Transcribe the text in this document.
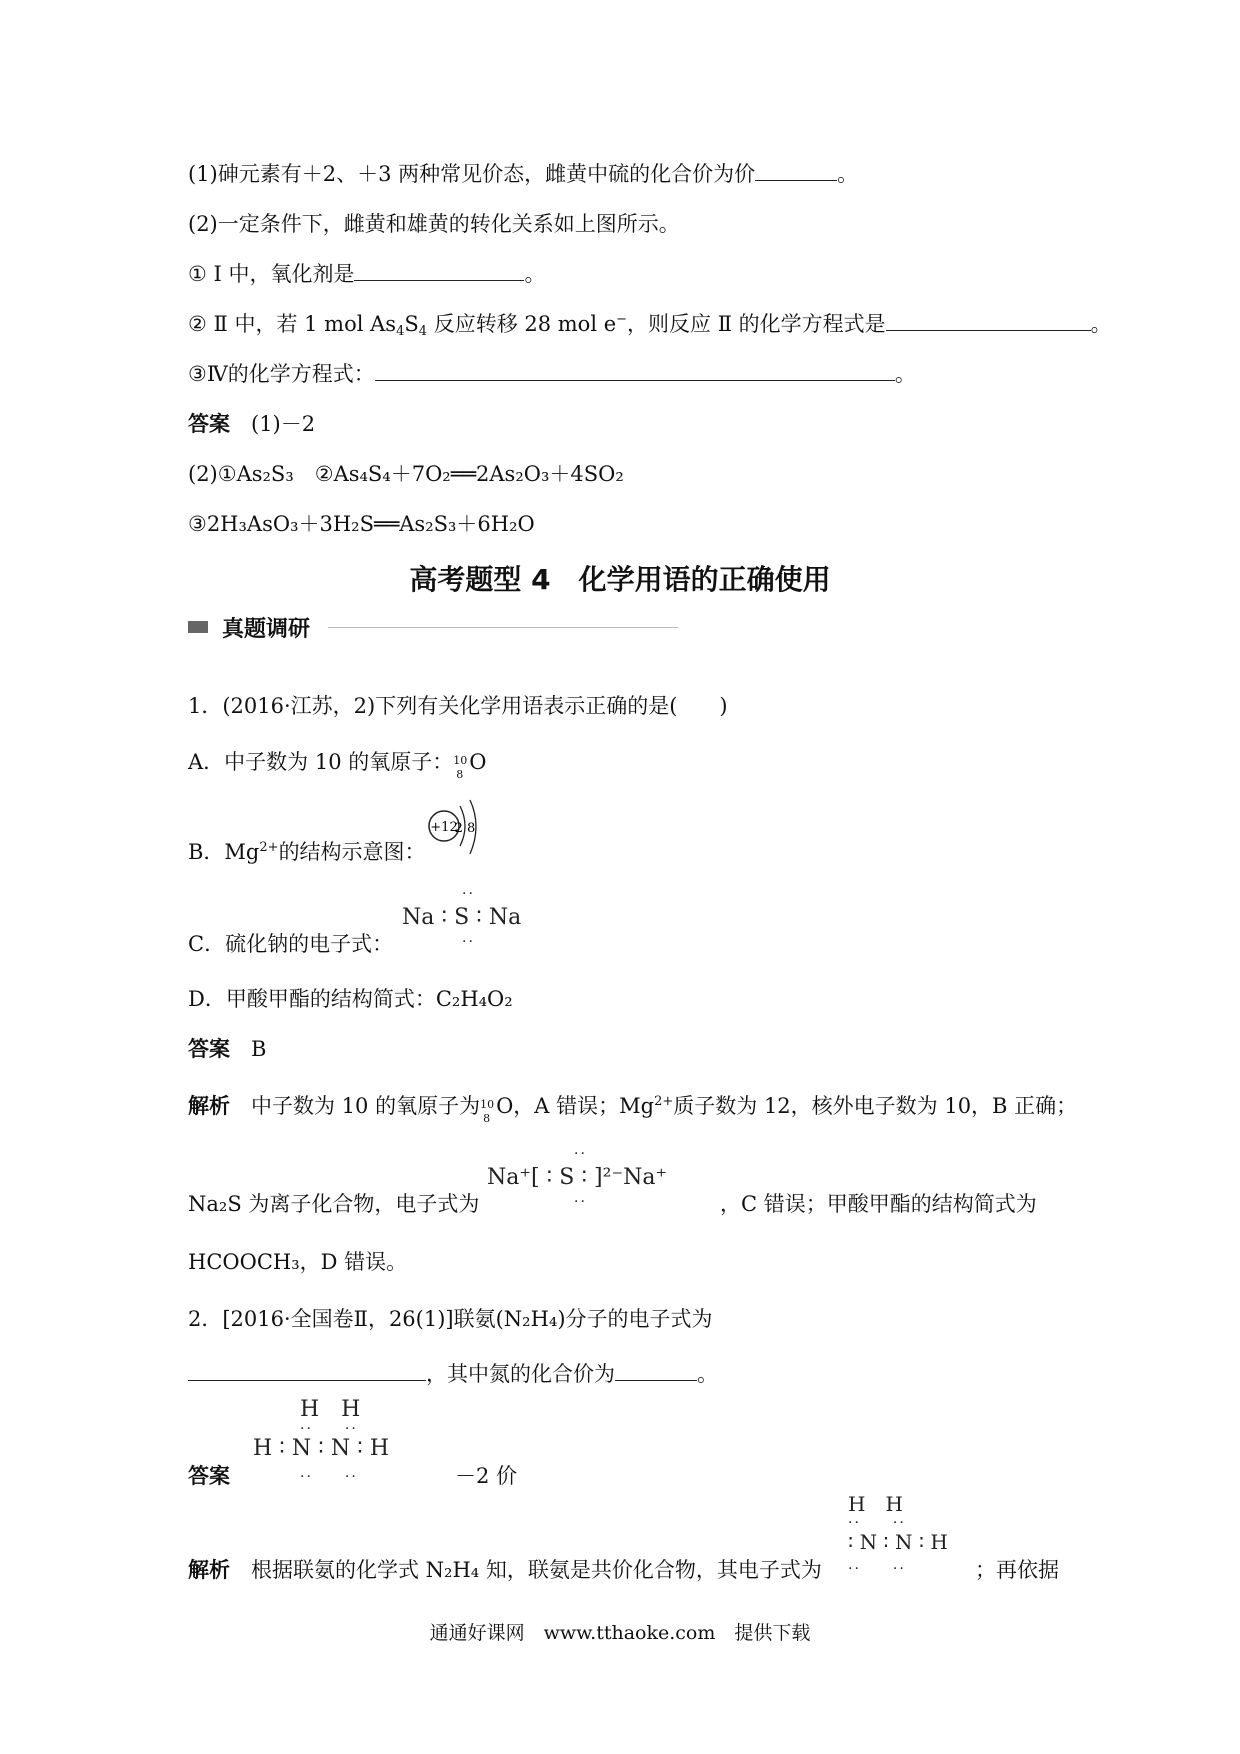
(1)砷元素有＋2、＋3 两种常见价态，雌黄中硫的化合价为价	。
(2)一定条件下，雌黄和雄黄的转化关系如上图所示。
① Ⅰ 中，氧化剂是	。
② Ⅱ 中，若 1 mol $As_4S_4$ 反应转移 28 mol e−，则反应 Ⅱ 的化学方程式是	。
③Ⅳ的化学方程式：	。
答案　 (1)－2
(2)①As₂S₃　②As₄S₄＋7O₂══2As₂O₃＋4SO₂
③2H₃AsO₃＋3H₂S══As₂S₃＋6H₂O
高考题型 4　化学用语的正确使用
真题调研
1．(2016·江苏，2)下列有关化学用语表示正确的是(　　)
A．中子数为 10 的氧原子： 10
8
O
B．$Mg^{2+}$的结构示意图：
+12
2 8
C．硫化钠的电子式：
Na ∶ S ∶ Na
··
··
D．甲酸甲酯的结构简式：C₂H₄O₂
答案　 B
解析　 中子数为 10 的氧原子为 10
8
O，A 错误；$Mg^{2+}$质子数为 12，核外电子数为 10，B 正确；
Na₂S 为离子化合物，电子式为
Na⁺[ ∶ S ∶ ]²⁻Na⁺
··
··	，C 错误；甲酸甲酯的结构简式为
HCOOCH₃，D 错误。
2．[2016·全国卷Ⅱ，26(1)]联氨(N₂H₄)分子的电子式为
，其中氮的化合价为	。
H　H
··　　··
H ∶ N ∶ N ∶ H
··　　··
答案	－2 价
解析　 根据联氨的化学式 N₂H₄ 知，联氨是共价化合物，其电子式为
H　H
··　　··
∶ N ∶ N ∶ H
··　　··	；再依据
通通好课网　www.tthaoke.com　提供下载
